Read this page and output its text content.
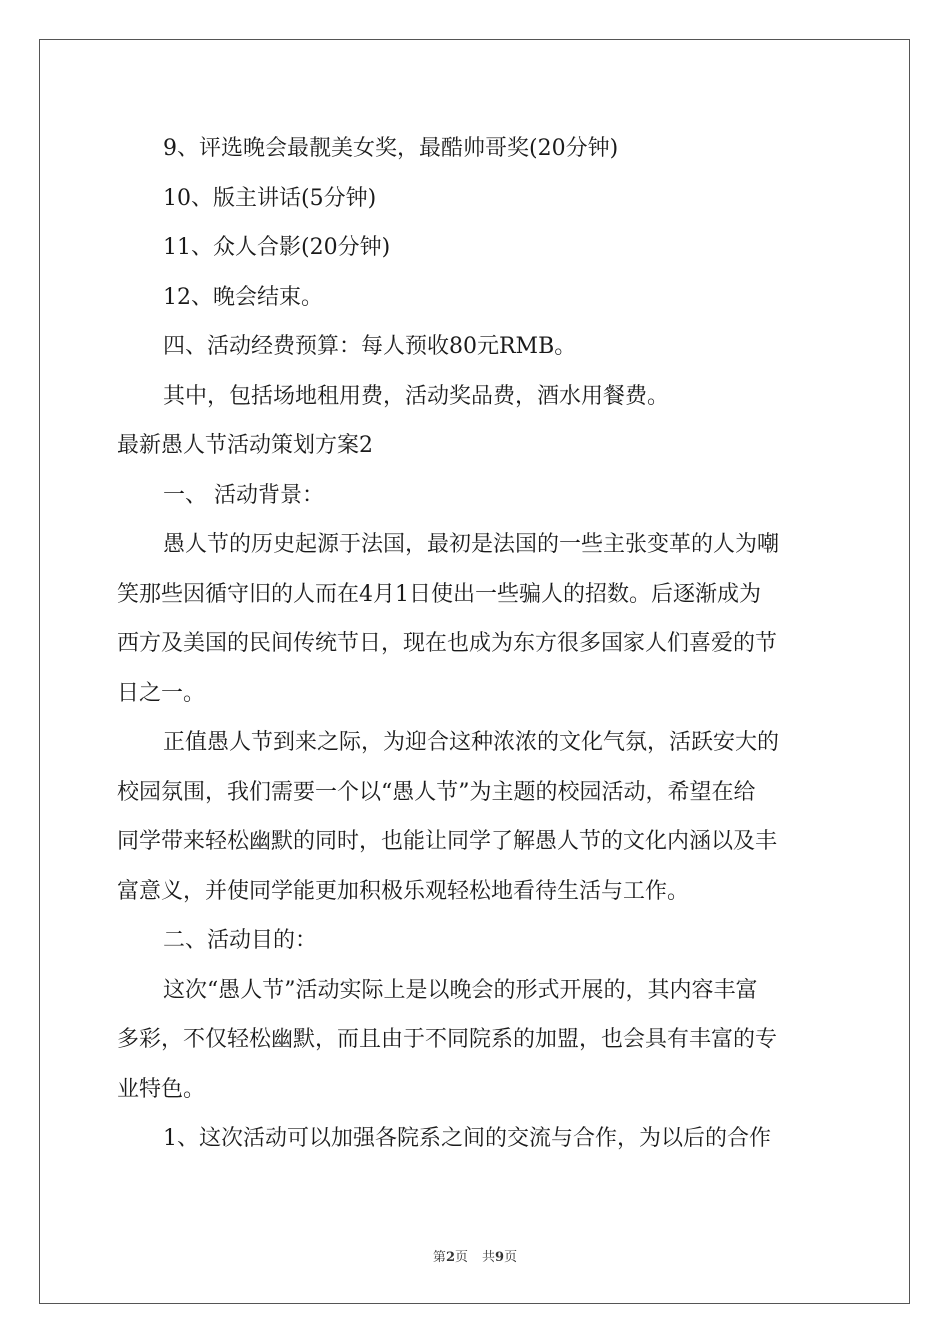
9、评选晚会最靓美女奖，最酷帅哥奖(20分钟)
10、版主讲话(5分钟)
11、众人合影(20分钟)
12、晚会结束。
四、活动经费预算：每人预收80元RMB。
其中，包括场地租用费，活动奖品费，酒水用餐费。
最新愚人节活动策划方案2
一、 活动背景：
愚人节的历史起源于法国，最初是法国的一些主张变革的人为嘲
笑那些因循守旧的人而在4月1日使出一些骗人的招数。后逐渐成为
西方及美国的民间传统节日，现在也成为东方很多国家人们喜爱的节
日之一。
正值愚人节到来之际，为迎合这种浓浓的文化气氛，活跃安大的
校园氛围，我们需要一个以“愚人节”为主题的校园活动，希望在给
同学带来轻松幽默的同时，也能让同学了解愚人节的文化内涵以及丰
富意义，并使同学能更加积极乐观轻松地看待生活与工作。
二、活动目的：
这次“愚人节”活动实际上是以晚会的形式开展的，其内容丰富
多彩，不仅轻松幽默，而且由于不同院系的加盟，也会具有丰富的专
业特色。
1、这次活动可以加强各院系之间的交流与合作，为以后的合作
第2页 共9页
